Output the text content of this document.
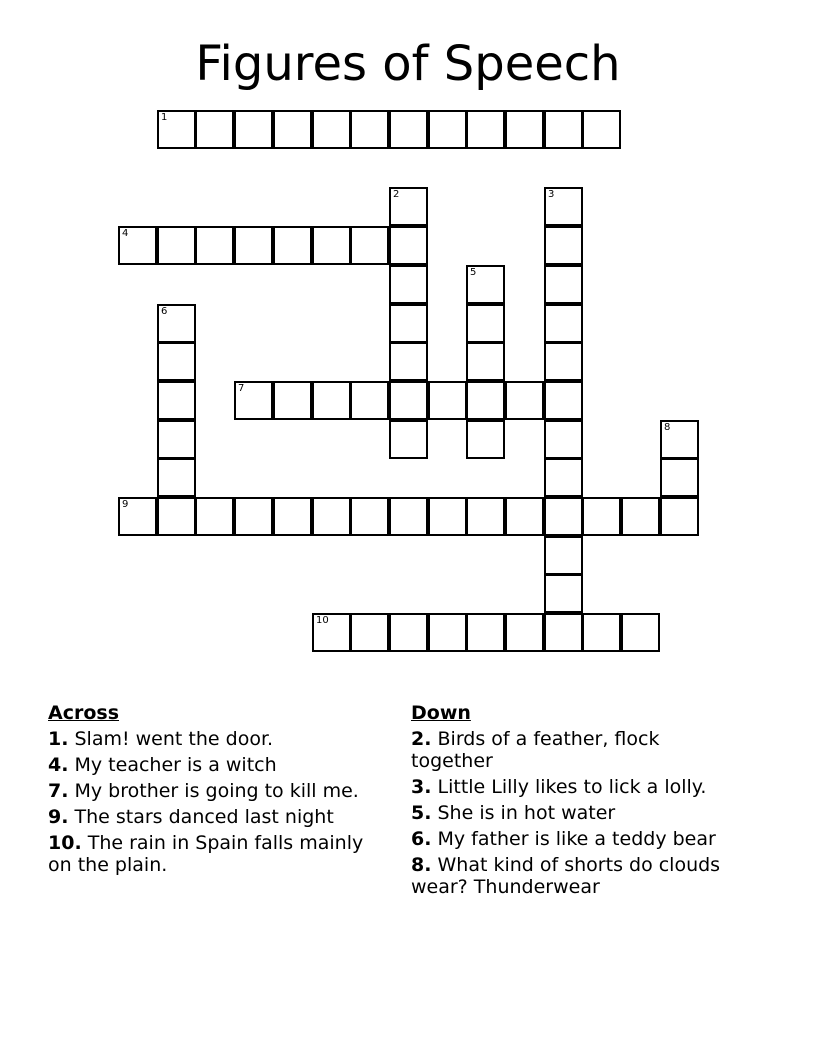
Figures of Speech
1
2	3
4
5
6
7
8
9
10
Across
1. Slam! went the door.
4. My teacher is a witch
7. My brother is going to kill me.
9. The stars danced last night
10. The rain in Spain falls mainly on the plain.
Down
2. Birds of a feather, flock together
3. Little Lilly likes to lick a lolly.
5. She is in hot water
6. My father is like a teddy bear
8. What kind of shorts do clouds wear? Thunderwear
